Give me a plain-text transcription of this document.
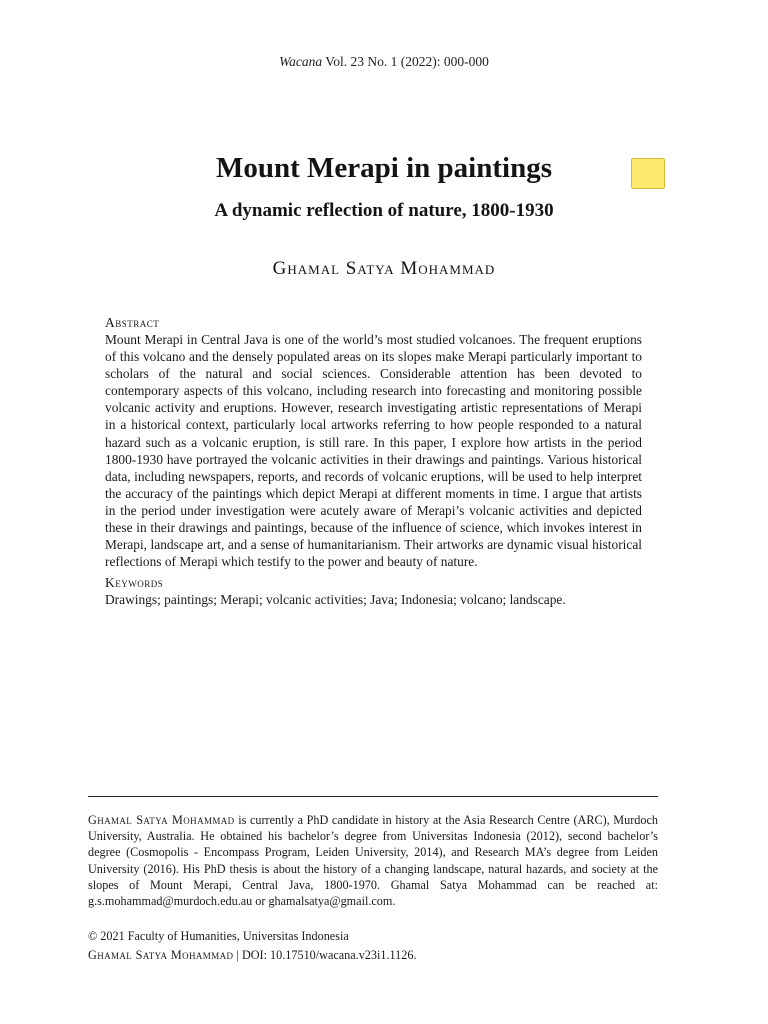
Wacana Vol. 23 No. 1 (2022): 000-000
Mount Merapi in paintings
A dynamic reflection of nature, 1800-1930
Ghamal Satya Mohammad
Abstract

Mount Merapi in Central Java is one of the world’s most studied volcanoes. The frequent eruptions of this volcano and the densely populated areas on its slopes make Merapi particularly important to scholars of the natural and social sciences. Considerable attention has been devoted to contemporary aspects of this volcano, including research into forecasting and monitoring possible volcanic activity and eruptions. However, research investigating artistic representations of Merapi in a historical context, particularly local artworks referring to how people responded to a natural hazard such as a volcanic eruption, is still rare. In this paper, I explore how artists in the period 1800-1930 have portrayed the volcanic activities in their drawings and paintings. Various historical data, including newspapers, reports, and records of volcanic eruptions, will be used to help interpret the accuracy of the paintings which depict Merapi at different moments in time. I argue that artists in the period under investigation were acutely aware of Merapi’s volcanic activities and depicted these in their drawings and paintings, because of the influence of science, which invokes interest in Merapi, landscape art, and a sense of humanitarianism. Their artworks are dynamic visual historical reflections of Merapi which testify to the power and beauty of nature.

Keywords

Drawings; paintings; Merapi; volcanic activities; Java; Indonesia; volcano; landscape.

Ghamal Satya Mohammad is currently a PhD candidate in history at the Asia Research Centre (ARC), Murdoch University, Australia. He obtained his bachelor’s degree from Universitas Indonesia (2012), second bachelor’s degree (Cosmopolis - Encompass Program, Leiden University, 2014), and Research MA’s degree from Leiden University (2016). His PhD thesis is about the history of a changing landscape, natural hazards, and society at the slopes of Mount Merapi, Central Java, 1800-1970. Ghamal Satya Mohammad can be reached at: g.s.mohammad@murdoch.edu.au or ghamalsatya@gmail.com.

© 2021 Faculty of Humanities, Universitas Indonesia
Ghamal Satya Mohammad | DOI: 10.17510/wacana.v23i1.1126.
